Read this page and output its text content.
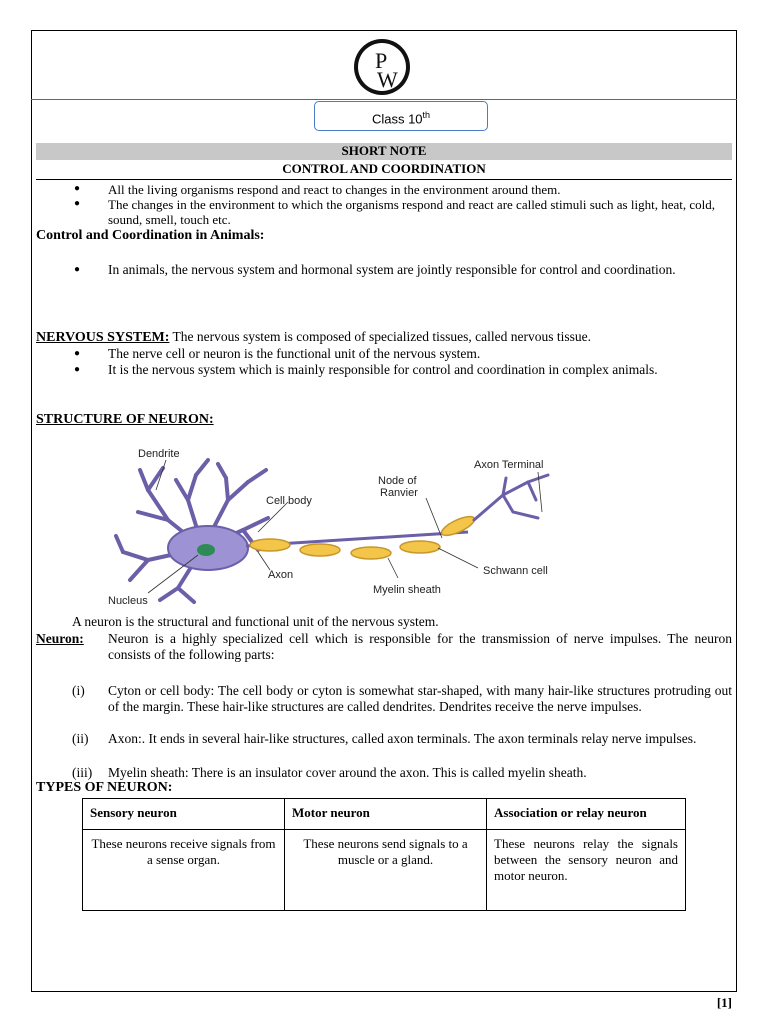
P
W
Class 10th
SHORT NOTE
CONTROL AND COORDINATION
● All the living organisms respond and react to changes in the environment around them.
● The changes in the environment to which the organisms respond and react are called stimuli such as light, heat, cold, sound, smell, touch etc.
Control and Coordination in Animals:
● In animals, the nervous system and hormonal system are jointly responsible for control and coordination.
NERVOUS SYSTEM: The nervous system is composed of specialized tissues, called nervous tissue.
● The nerve cell or neuron is the functional unit of the nervous system.
● It is the nervous system which is mainly responsible for control and coordination in complex animals.
STRUCTURE OF NEURON:
Dendrite
Cell body
Node of
Ranvier
Axon Terminal
Axon	Schwann cell
Myelin sheath
Nucleus
A neuron is the structural and functional unit of the nervous system.
Neuron: Neuron is a highly specialized cell which is responsible for the transmission of nerve impulses. The neuron consists of the following parts:
(i) Cyton or cell body: The cell body or cyton is somewhat star-shaped, with many hair-like structures protruding out of the margin. These hair-like structures are called dendrites. Dendrites receive the nerve impulses.
(ii) Axon:. It ends in several hair-like structures, called axon terminals. The axon terminals relay nerve impulses.
(iii) Myelin sheath: There is an insulator cover around the axon. This is called myelin sheath.
TYPES OF NEURON:
Sensory neuron	Motor neuron	Association or relay neuron
These neurons receive signals from a sense organ.	These neurons send signals to a muscle or a gland.	These neurons relay the signals between the sensory neuron and motor neuron.
[1]
